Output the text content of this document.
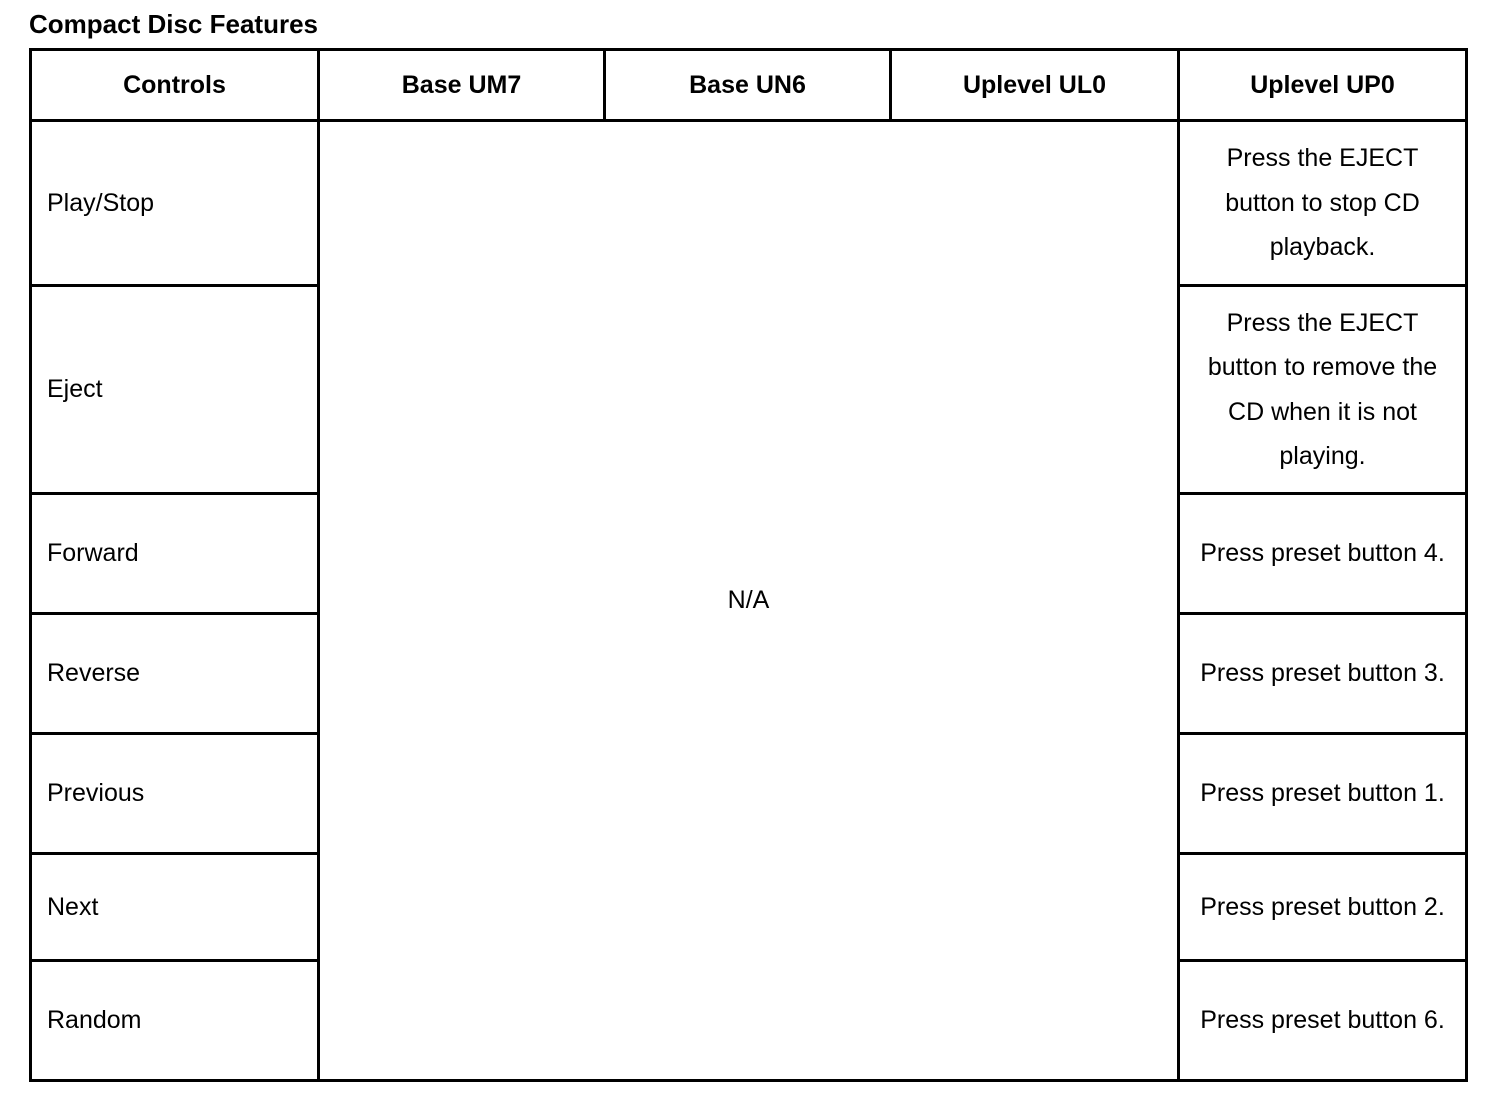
Compact Disc Features
Controls	Base UM7	Base UN6	Uplevel UL0	Uplevel UP0
Play/Stop	N/A			Press the EJECT button to stop CD playback.
Eject				Press the EJECT button to remove the CD when it is not playing.
Forward				Press preset button 4.
Reverse				Press preset button 3.
Previous				Press preset button 1.
Next				Press preset button 2.
Random				Press preset button 6.
